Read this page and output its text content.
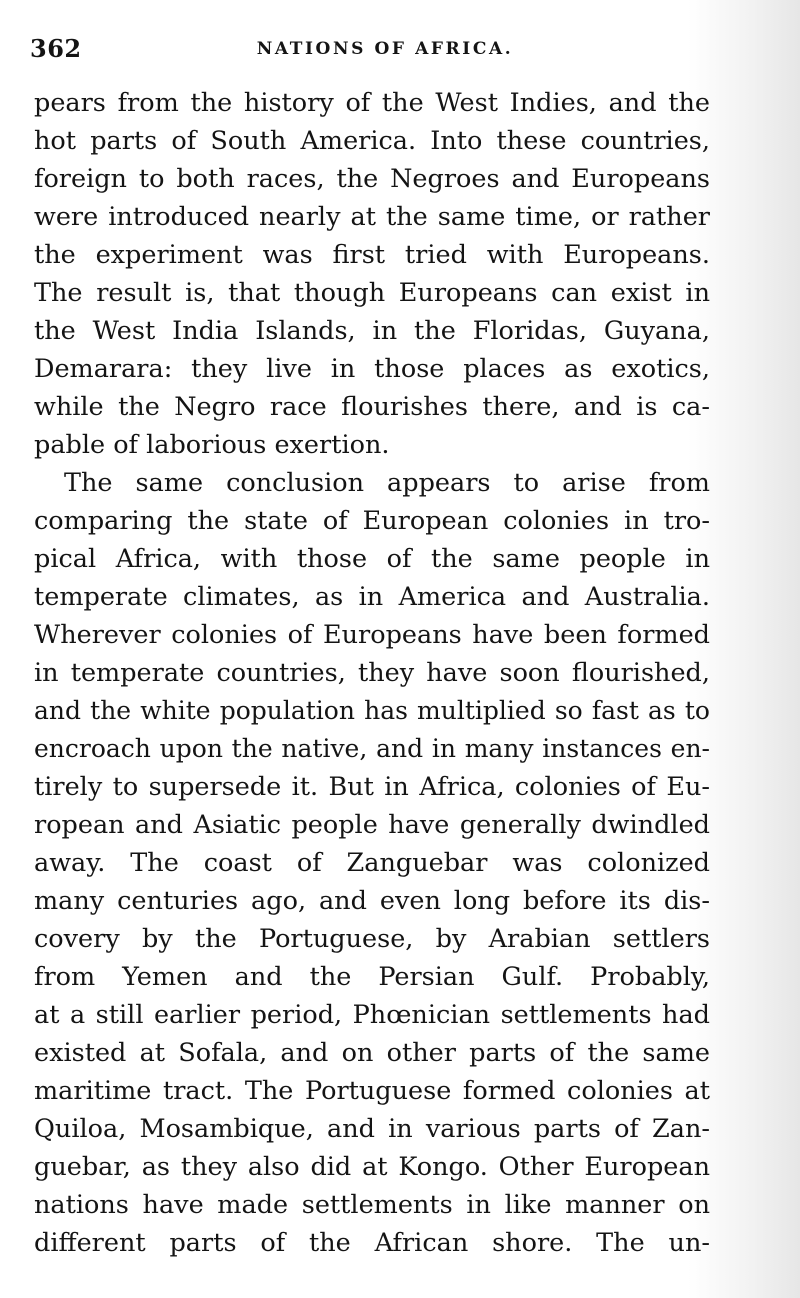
362	NATIONS OF AFRICA.
pears from the history of the West Indies, and the
hot parts of South America. Into these countries,
foreign to both races, the Negroes and Europeans
were introduced nearly at the same time, or rather
the experiment was first tried with Europeans.
The result is, that though Europeans can exist in
the West India Islands, in the Floridas, Guyana,
Demarara: they live in those places as exotics,
while the Negro race flourishes there, and is ca-
pable of laborious exertion.
The same conclusion appears to arise from
comparing the state of European colonies in tro-
pical Africa, with those of the same people in
temperate climates, as in America and Australia.
Wherever colonies of Europeans have been formed
in temperate countries, they have soon flourished,
and the white population has multiplied so fast as to
encroach upon the native, and in many instances en-
tirely to supersede it. But in Africa, colonies of Eu-
ropean and Asiatic people have generally dwindled
away. The coast of Zanguebar was colonized
many centuries ago, and even long before its dis-
covery by the Portuguese, by Arabian settlers
from Yemen and the Persian Gulf. Probably,
at a still earlier period, Phœnician settlements had
existed at Sofala, and on other parts of the same
maritime tract. The Portuguese formed colonies at
Quiloa, Mosambique, and in various parts of Zan-
guebar, as they also did at Kongo. Other European
nations have made settlements in like manner on
different parts of the African shore. The un-
